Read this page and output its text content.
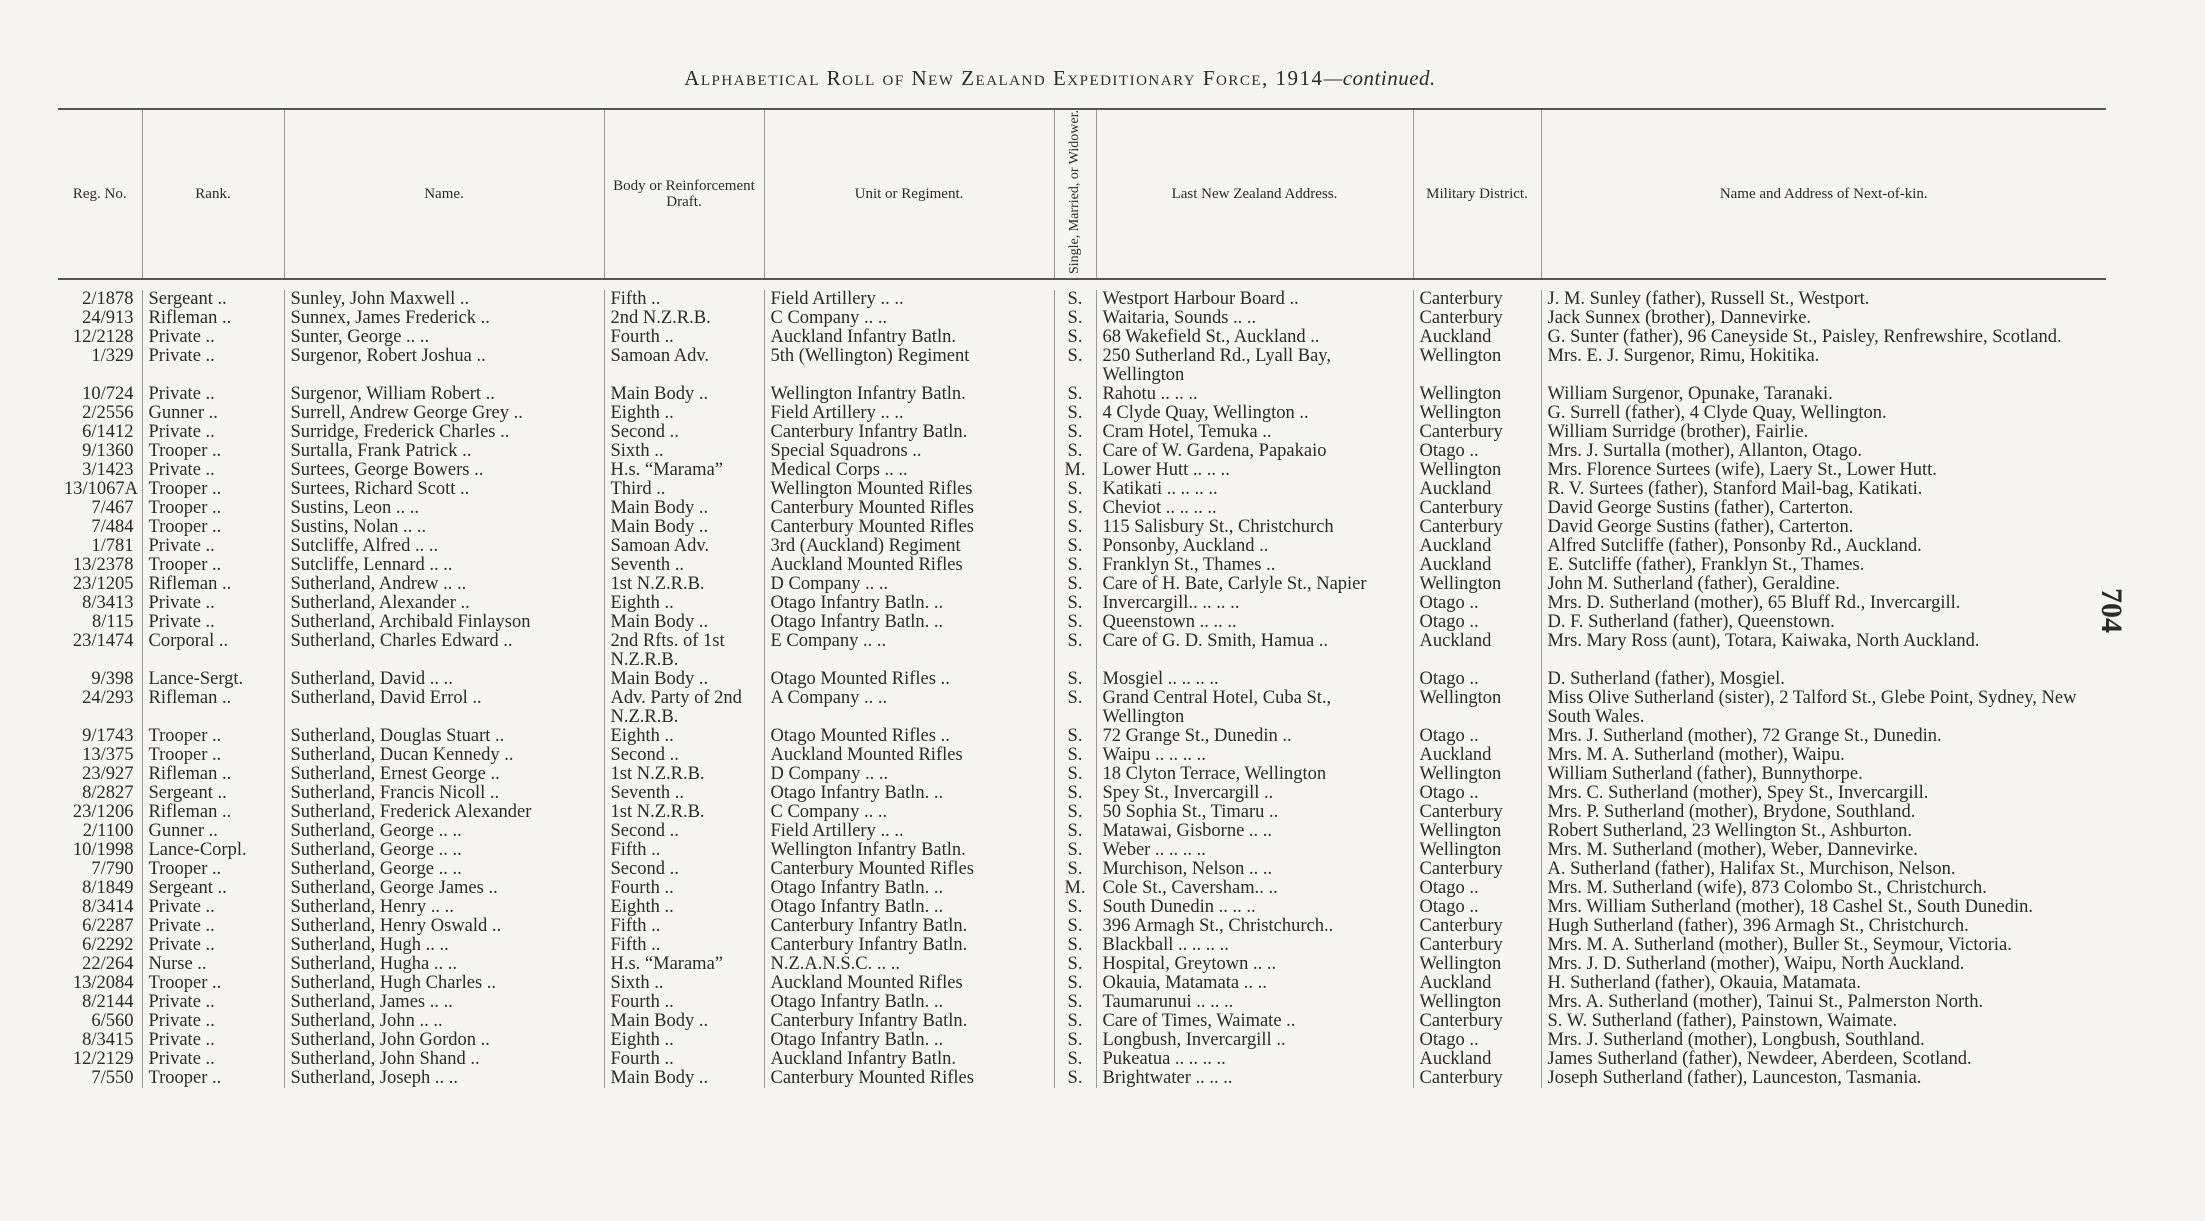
Alphabetical Roll of New Zealand Expeditionary Force, 1914—continued.
704
Reg. No.	Rank.	Name.	Body or Reinforcement Draft.	Unit or Regiment.	Single, Married, or Widower.	Last New Zealand Address.	Military District.	Name and Address of Next-of-kin.

2/1878	Sergeant ..	Sunley, John Maxwell ..	Fifth ..	Field Artillery .. ..	S.	Westport Harbour Board ..	Canterbury	J. M. Sunley (father), Russell St., Westport.
24/913	Rifleman ..	Sunnex, James Frederick ..	2nd N.Z.R.B.	C Company .. ..	S.	Waitaria, Sounds .. ..	Canterbury	Jack Sunnex (brother), Dannevirke.
12/2128	Private ..	Sunter, George .. ..	Fourth ..	Auckland Infantry Batln.	S.	68 Wakefield St., Auckland ..	Auckland	G. Sunter (father), 96 Caneyside St., Paisley, Renfrewshire, Scotland.
1/329	Private ..	Surgenor, Robert Joshua ..	Samoan Adv.	5th (Wellington) Regiment	S.	250 Sutherland Rd., Lyall Bay, Wellington	Wellington	Mrs. E. J. Surgenor, Rimu, Hokitika.
10/724	Private ..	Surgenor, William Robert ..	Main Body ..	Wellington Infantry Batln.	S.	Rahotu .. .. ..	Wellington	William Surgenor, Opunake, Taranaki.
2/2556	Gunner ..	Surrell, Andrew George Grey ..	Eighth ..	Field Artillery .. ..	S.	4 Clyde Quay, Wellington ..	Wellington	G. Surrell (father), 4 Clyde Quay, Wellington.
6/1412	Private ..	Surridge, Frederick Charles ..	Second ..	Canterbury Infantry Batln.	S.	Cram Hotel, Temuka ..	Canterbury	William Surridge (brother), Fairlie.
9/1360	Trooper ..	Surtalla, Frank Patrick ..	Sixth ..	Special Squadrons ..	S.	Care of W. Gardena, Papakaio	Otago ..	Mrs. J. Surtalla (mother), Allanton, Otago.
3/1423	Private ..	Surtees, George Bowers ..	H.s. “Marama”	Medical Corps .. ..	M.	Lower Hutt .. .. ..	Wellington	Mrs. Florence Surtees (wife), Laery St., Lower Hutt.
13/1067A	Trooper ..	Surtees, Richard Scott ..	Third ..	Wellington Mounted Rifles	S.	Katikati .. .. .. ..	Auckland	R. V. Surtees (father), Stanford Mail-bag, Katikati.
7/467	Trooper ..	Sustins, Leon .. ..	Main Body ..	Canterbury Mounted Rifles	S.	Cheviot .. .. .. ..	Canterbury	David George Sustins (father), Carterton.
7/484	Trooper ..	Sustins, Nolan .. ..	Main Body ..	Canterbury Mounted Rifles	S.	115 Salisbury St., Christchurch	Canterbury	David George Sustins (father), Carterton.
1/781	Private ..	Sutcliffe, Alfred .. ..	Samoan Adv.	3rd (Auckland) Regiment	S.	Ponsonby, Auckland ..	Auckland	Alfred Sutcliffe (father), Ponsonby Rd., Auckland.
13/2378	Trooper ..	Sutcliffe, Lennard .. ..	Seventh ..	Auckland Mounted Rifles	S.	Franklyn St., Thames ..	Auckland	E. Sutcliffe (father), Franklyn St., Thames.
23/1205	Rifleman ..	Sutherland, Andrew .. ..	1st N.Z.R.B.	D Company .. ..	S.	Care of H. Bate, Carlyle St., Napier	Wellington	John M. Sutherland (father), Geraldine.
8/3413	Private ..	Sutherland, Alexander ..	Eighth ..	Otago Infantry Batln. ..	S.	Invercargill.. .. .. ..	Otago ..	Mrs. D. Sutherland (mother), 65 Bluff Rd., Invercargill.
8/115	Private ..	Sutherland, Archibald Finlayson	Main Body ..	Otago Infantry Batln. ..	S.	Queenstown .. .. ..	Otago ..	D. F. Sutherland (father), Queenstown.
23/1474	Corporal ..	Sutherland, Charles Edward ..	2nd Rfts. of 1st N.Z.R.B.	E Company .. ..	S.	Care of G. D. Smith, Hamua ..	Auckland	Mrs. Mary Ross (aunt), Totara, Kaiwaka, North Auckland.
9/398	Lance-Sergt.	Sutherland, David .. ..	Main Body ..	Otago Mounted Rifles ..	S.	Mosgiel .. .. .. ..	Otago ..	D. Sutherland (father), Mosgiel.
24/293	Rifleman ..	Sutherland, David Errol ..	Adv. Party of 2nd N.Z.R.B.	A Company .. ..	S.	Grand Central Hotel, Cuba St., Wellington	Wellington	Miss Olive Sutherland (sister), 2 Talford St., Glebe Point, Sydney, New South Wales.
9/1743	Trooper ..	Sutherland, Douglas Stuart ..	Eighth ..	Otago Mounted Rifles ..	S.	72 Grange St., Dunedin ..	Otago ..	Mrs. J. Sutherland (mother), 72 Grange St., Dunedin.
13/375	Trooper ..	Sutherland, Ducan Kennedy ..	Second ..	Auckland Mounted Rifles	S.	Waipu .. .. .. ..	Auckland	Mrs. M. A. Sutherland (mother), Waipu.
23/927	Rifleman ..	Sutherland, Ernest George ..	1st N.Z.R.B.	D Company .. ..	S.	18 Clyton Terrace, Wellington	Wellington	William Sutherland (father), Bunnythorpe.
8/2827	Sergeant ..	Sutherland, Francis Nicoll ..	Seventh ..	Otago Infantry Batln. ..	S.	Spey St., Invercargill ..	Otago ..	Mrs. C. Sutherland (mother), Spey St., Invercargill.
23/1206	Rifleman ..	Sutherland, Frederick Alexander	1st N.Z.R.B.	C Company .. ..	S.	50 Sophia St., Timaru ..	Canterbury	Mrs. P. Sutherland (mother), Brydone, Southland.
2/1100	Gunner ..	Sutherland, George .. ..	Second ..	Field Artillery .. ..	S.	Matawai, Gisborne .. ..	Wellington	Robert Sutherland, 23 Wellington St., Ashburton.
10/1998	Lance-Corpl.	Sutherland, George .. ..	Fifth ..	Wellington Infantry Batln.	S.	Weber .. .. .. ..	Wellington	Mrs. M. Sutherland (mother), Weber, Dannevirke.
7/790	Trooper ..	Sutherland, George .. ..	Second ..	Canterbury Mounted Rifles	S.	Murchison, Nelson .. ..	Canterbury	A. Sutherland (father), Halifax St., Murchison, Nelson.
8/1849	Sergeant ..	Sutherland, George James ..	Fourth ..	Otago Infantry Batln. ..	M.	Cole St., Caversham.. ..	Otago ..	Mrs. M. Sutherland (wife), 873 Colombo St., Christchurch.
8/3414	Private ..	Sutherland, Henry .. ..	Eighth ..	Otago Infantry Batln. ..	S.	South Dunedin .. .. ..	Otago ..	Mrs. William Sutherland (mother), 18 Cashel St., South Dunedin.
6/2287	Private ..	Sutherland, Henry Oswald ..	Fifth ..	Canterbury Infantry Batln.	S.	396 Armagh St., Christchurch..	Canterbury	Hugh Sutherland (father), 396 Armagh St., Christchurch.
6/2292	Private ..	Sutherland, Hugh .. ..	Fifth ..	Canterbury Infantry Batln.	S.	Blackball .. .. .. ..	Canterbury	Mrs. M. A. Sutherland (mother), Buller St., Seymour, Victoria.
22/264	Nurse ..	Sutherland, Hugha .. ..	H.s. “Marama”	N.Z.A.N.S.C. .. ..	S.	Hospital, Greytown .. ..	Wellington	Mrs. J. D. Sutherland (mother), Waipu, North Auckland.
13/2084	Trooper ..	Sutherland, Hugh Charles ..	Sixth ..	Auckland Mounted Rifles	S.	Okauia, Matamata .. ..	Auckland	H. Sutherland (father), Okauia, Matamata.
8/2144	Private ..	Sutherland, James .. ..	Fourth ..	Otago Infantry Batln. ..	S.	Taumarunui .. .. ..	Wellington	Mrs. A. Sutherland (mother), Tainui St., Palmerston North.
6/560	Private ..	Sutherland, John .. ..	Main Body ..	Canterbury Infantry Batln.	S.	Care of Times, Waimate ..	Canterbury	S. W. Sutherland (father), Painstown, Waimate.
8/3415	Private ..	Sutherland, John Gordon ..	Eighth ..	Otago Infantry Batln. ..	S.	Longbush, Invercargill ..	Otago ..	Mrs. J. Sutherland (mother), Longbush, Southland.
12/2129	Private ..	Sutherland, John Shand ..	Fourth ..	Auckland Infantry Batln.	S.	Pukeatua .. .. .. ..	Auckland	James Sutherland (father), Newdeer, Aberdeen, Scotland.
7/550	Trooper ..	Sutherland, Joseph .. ..	Main Body ..	Canterbury Mounted Rifles	S.	Brightwater .. .. ..	Canterbury	Joseph Sutherland (father), Launceston, Tasmania.
